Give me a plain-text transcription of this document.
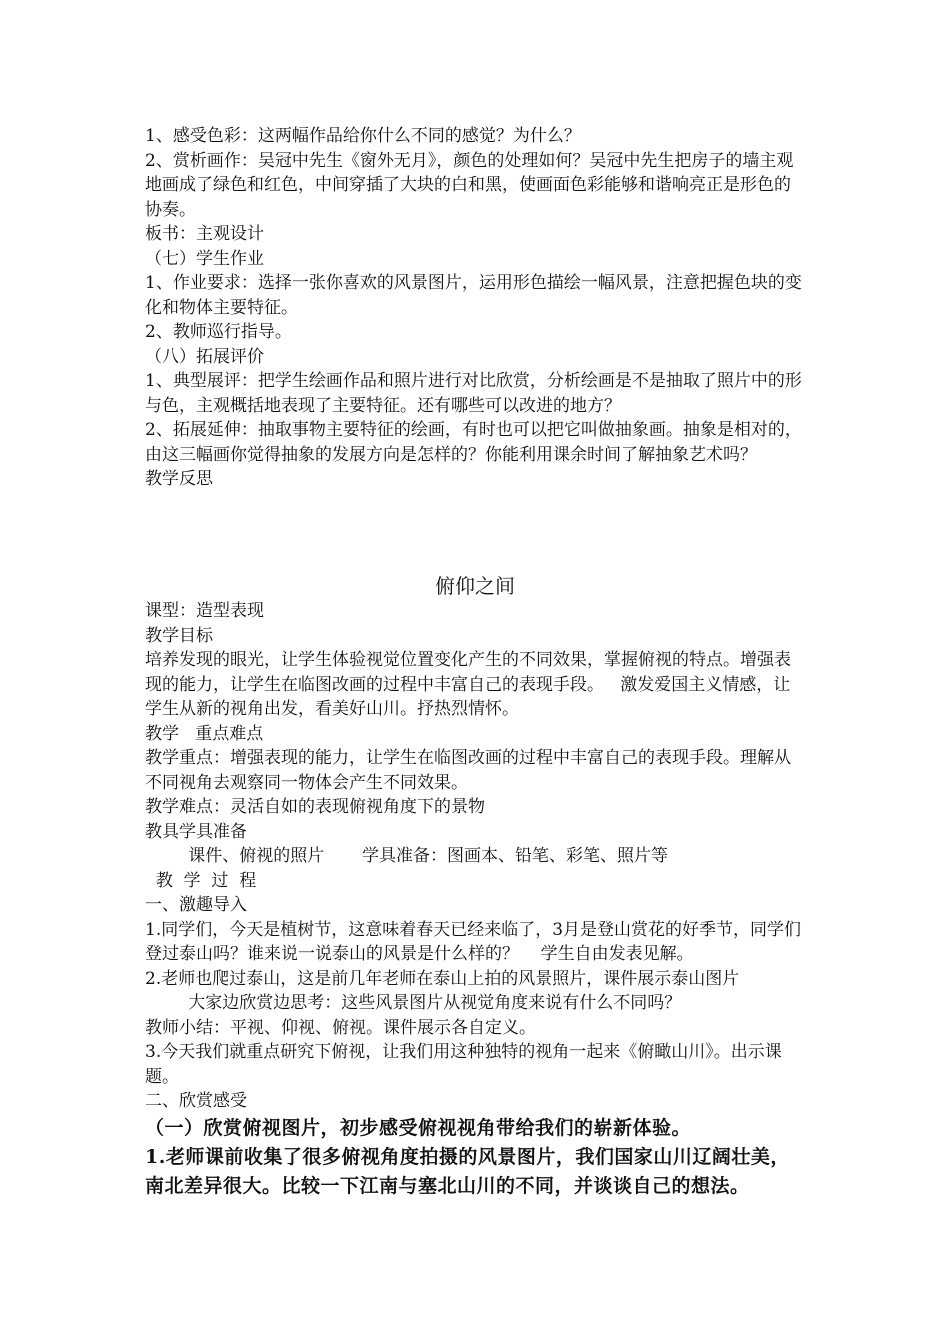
1、感受色彩：这两幅作品给你什么不同的感觉？为什么？

2、赏析画作：吴冠中先生《窗外无月》，颜色的处理如何？吴冠中先生把房子的墙主观地画成了绿色和红色，中间穿插了大块的白和黑，使画面色彩能够和谐响亮正是形色的协奏。

板书：主观设计

（七）学生作业

1、作业要求：选择一张你喜欢的风景图片，运用形色描绘一幅风景，注意把握色块的变化和物体主要特征。

2、教师巡行指导。

（八）拓展评价

1、典型展评：把学生绘画作品和照片进行对比欣赏，分析绘画是不是抽取了照片中的形与色，主观概括地表现了主要特征。还有哪些可以改进的地方？

2、拓展延伸：抽取事物主要特征的绘画，有时也可以把它叫做抽象画。抽象是相对的，由这三幅画你觉得抽象的发展方向是怎样的？你能利用课余时间了解抽象艺术吗？

教学反思

俯仰之间

课型：造型表现

教学目标

培养发现的眼光，让学生体验视觉位置变化产生的不同效果，掌握俯视的特点。增强表现的能力，让学生在临图改画的过程中丰富自己的表现手段。   激发爱国主义情感，让学生从新的视角出发，看美好山川。抒热烈情怀。

教学   重点难点

教学重点：增强表现的能力，让学生在临图改画的过程中丰富自己的表现手段。理解从不同视角去观察同一物体会产生不同效果。

教学难点：灵活自如的表现俯视角度下的景物

教具学具准备

课件、俯视的照片       学具准备：图画本、铅笔、彩笔、照片等

教  学  过  程

一、激趣导入

1.同学们，今天是植树节，这意味着春天已经来临了，3月是登山赏花的好季节，同学们登过泰山吗？谁来说一说泰山的风景是什么样的？    学生自由发表见解。

2.老师也爬过泰山，这是前几年老师在泰山上拍的风景照片，课件展示泰山图片

大家边欣赏边思考：这些风景图片从视觉角度来说有什么不同吗？

教师小结：平视、仰视、俯视。课件展示各自定义。

3.今天我们就重点研究下俯视，让我们用这种独特的视角一起来《俯瞰山川》。出示课题。

二、欣赏感受

（一）欣赏俯视图片，初步感受俯视视角带给我们的崭新体验。

1.老师课前收集了很多俯视角度拍摄的风景图片，我们国家山川辽阔壮美，南北差异很大。比较一下江南与塞北山川的不同，并谈谈自己的想法。
